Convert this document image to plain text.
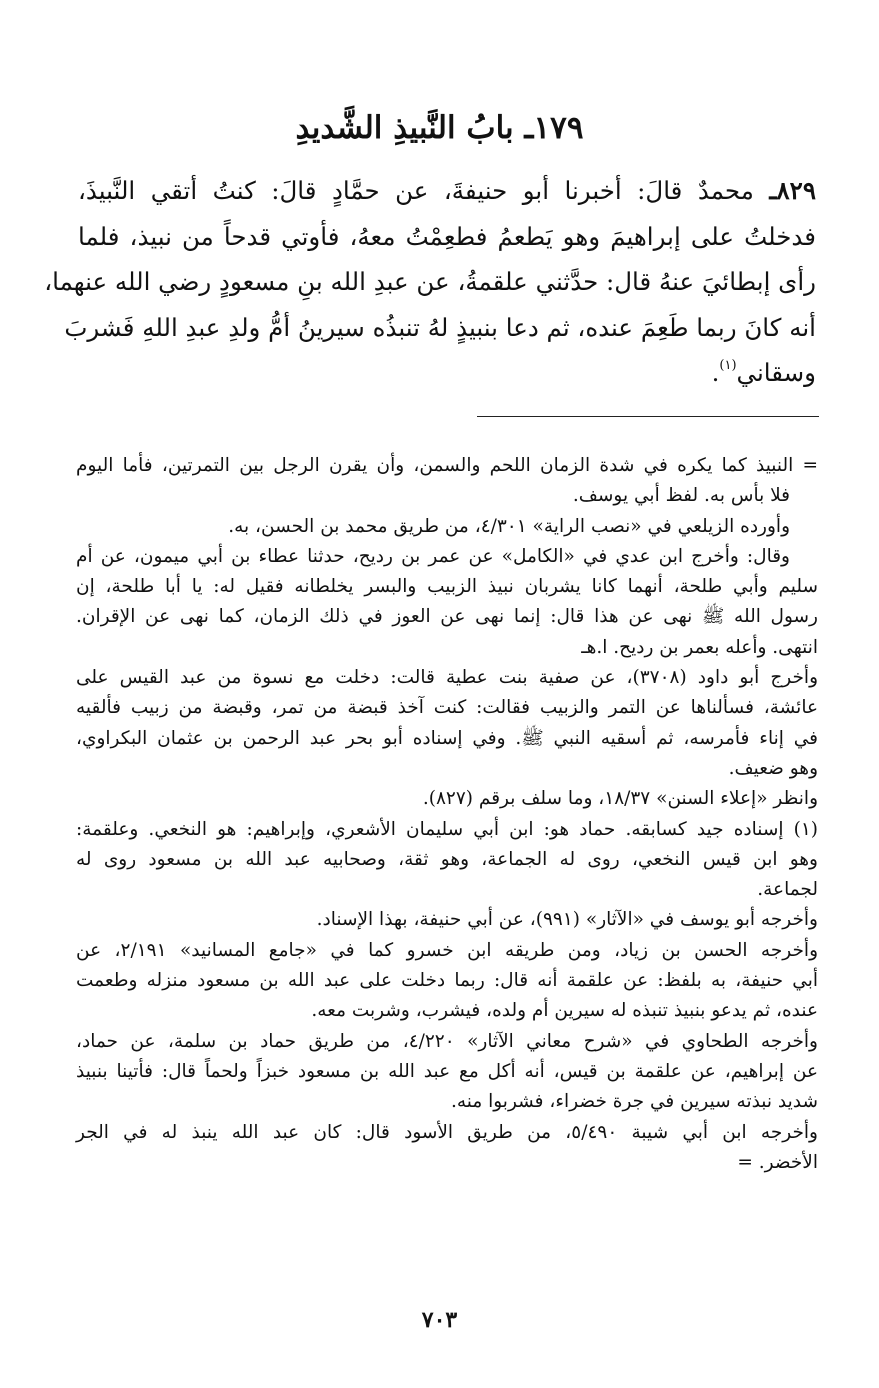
١٧٩ـ بابُ النَّبيذِ الشَّديدِ
٨٢٩ـ محمدٌ قالَ: أخبرنا أبو حنيفةَ، عن حمَّادٍ قالَ: كنتُ أتقي النَّبيذَ،
فدخلتُ على إبراهيمَ وهو يَطعمُ فطعِمْتُ معهُ، فأوتي قدحاً من نبيذ، فلما
رأى إبطائيَ عنهُ قال: حدَّثني علقمةُ، عن عبدِ الله بنِ مسعودٍ رضي الله عنهما،
أنه كانَ ربما طَعِمَ عنده، ثم دعا بنبيذٍ لهُ تنبذُه سيرينُ أمُّ ولدِ عبدِ اللهِ فَشربَ
وسقاني$^{(١)}$.
= النبيذ كما يكره في شدة الزمان اللحم والسمن، وأن يقرن الرجل بين التمرتين، فأما اليوم
فلا بأس به. لفظ أبي يوسف.
وأورده الزيلعي في «نصب الراية» ٤/٣٠١، من طريق محمد بن الحسن، به.
وقال: وأخرج ابن عدي في «الكامل» عن عمر بن رديح، حدثنا عطاء بن أبي ميمون، عن أم
سليم وأبي طلحة، أنهما كانا يشربان نبيذ الزبيب والبسر يخلطانه فقيل له: يا أبا طلحة، إن
رسول الله ﷺ نهى عن هذا قال: إنما نهى عن العوز في ذلك الزمان، كما نهى عن الإقران.
انتهى. وأعله بعمر بن رديح. ا.هـ
وأخرج أبو داود (٣٧٠٨)، عن صفية بنت عطية قالت: دخلت مع نسوة من عبد القيس على
عائشة، فسألناها عن التمر والزبيب فقالت: كنت آخذ قبضة من تمر، وقبضة من زبيب فألقيه
في إناء فأمرسه، ثم أسقيه النبي ﷺ. وفي إسناده أبو بحر عبد الرحمن بن عثمان البكراوي،
وهو ضعيف.
وانظر «إعلاء السنن» ١٨/٣٧، وما سلف برقم (٨٢٧).
(١) إسناده جيد كسابقه. حماد هو: ابن أبي سليمان الأشعري، وإبراهيم: هو النخعي. وعلقمة:
وهو ابن قيس النخعي، روى له الجماعة، وهو ثقة، وصحابيه عبد الله بن مسعود روى له
لجماعة.
وأخرجه أبو يوسف في «الآثار» (٩٩١)، عن أبي حنيفة، بهذا الإسناد.
وأخرجه الحسن بن زياد، ومن طريقه ابن خسرو كما في «جامع المسانيد» ٢/١٩١، عن
أبي حنيفة، به بلفظ: عن علقمة أنه قال: ربما دخلت على عبد الله بن مسعود منزله وطعمت
عنده، ثم يدعو بنبيذ تنبذه له سيرين أم ولده، فيشرب، وشربت معه.
وأخرجه الطحاوي في «شرح معاني الآثار» ٤/٢٢٠، من طريق حماد بن سلمة، عن حماد،
عن إبراهيم، عن علقمة بن قيس، أنه أكل مع عبد الله بن مسعود خبزاً ولحماً قال: فأتينا بنبيذ
شديد نبذته سيرين في جرة خضراء، فشربوا منه.
وأخرجه ابن أبي شيبة ٥/٤٩٠، من طريق الأسود قال: كان عبد الله ينبذ له في الجر
الأخضر. =
٧٠٣
